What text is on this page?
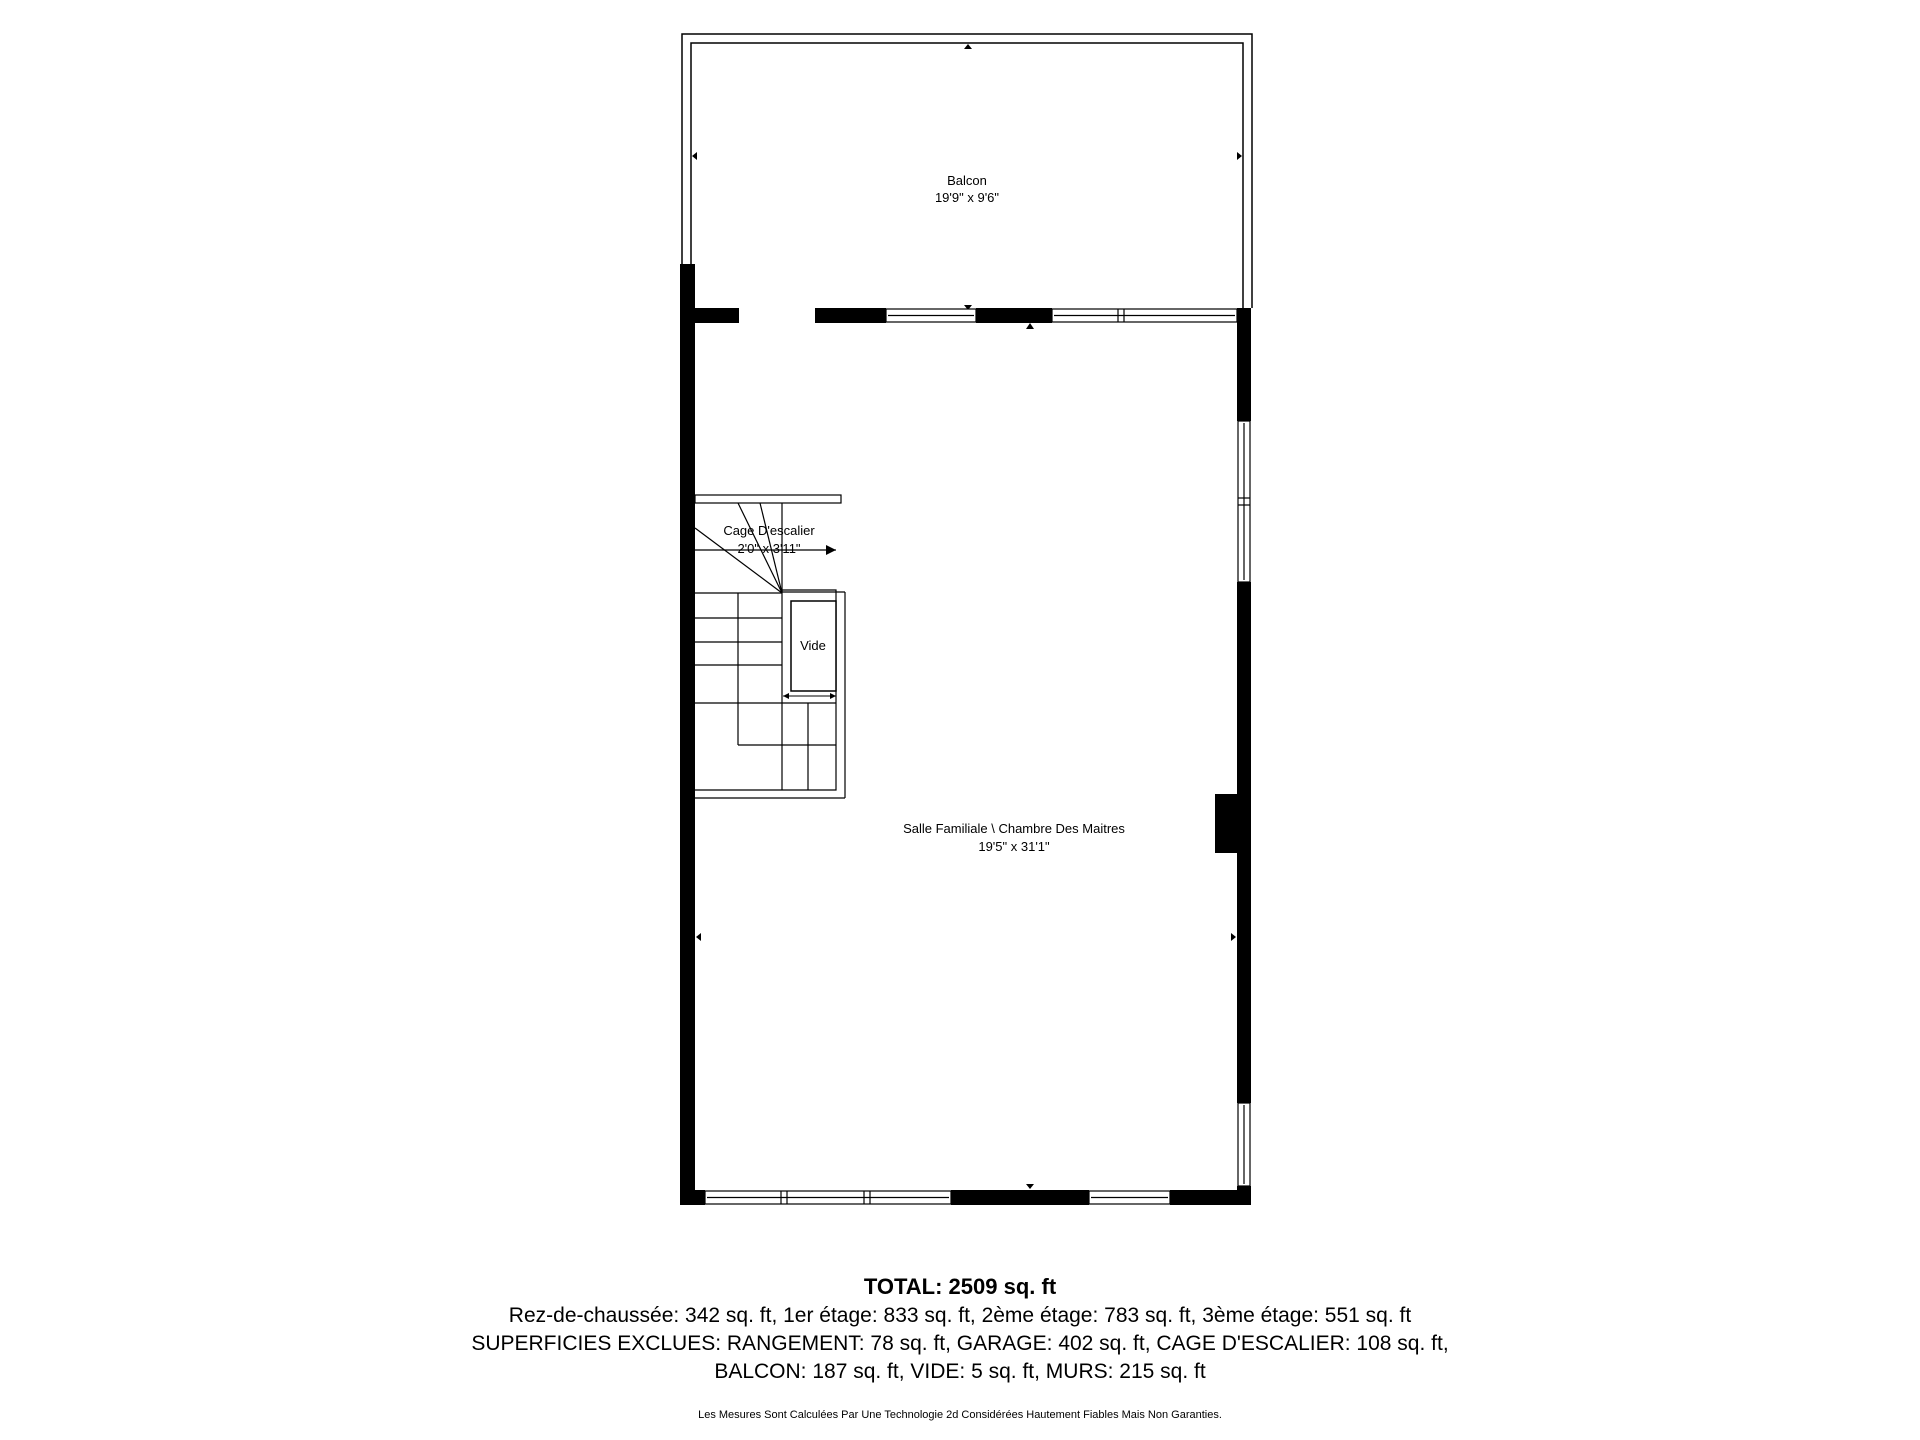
Balcon
19'9" x 9'6"
Cage D'escalier
2'0" x 3'11"
Vide
Salle Familiale \ Chambre Des Maitres
19'5" x 31'1"
TOTAL: 2509 sq. ft
Rez-de-chaussée: 342 sq. ft, 1er étage: 833 sq. ft, 2ème étage: 783 sq. ft, 3ème étage: 551 sq. ft
SUPERFICIES EXCLUES: RANGEMENT: 78 sq. ft, GARAGE: 402 sq. ft, CAGE D'ESCALIER: 108 sq. ft,
BALCON: 187 sq. ft, VIDE: 5 sq. ft, MURS: 215 sq. ft
Les Mesures Sont Calculées Par Une Technologie 2d Considérées Hautement Fiables Mais Non Garanties.
